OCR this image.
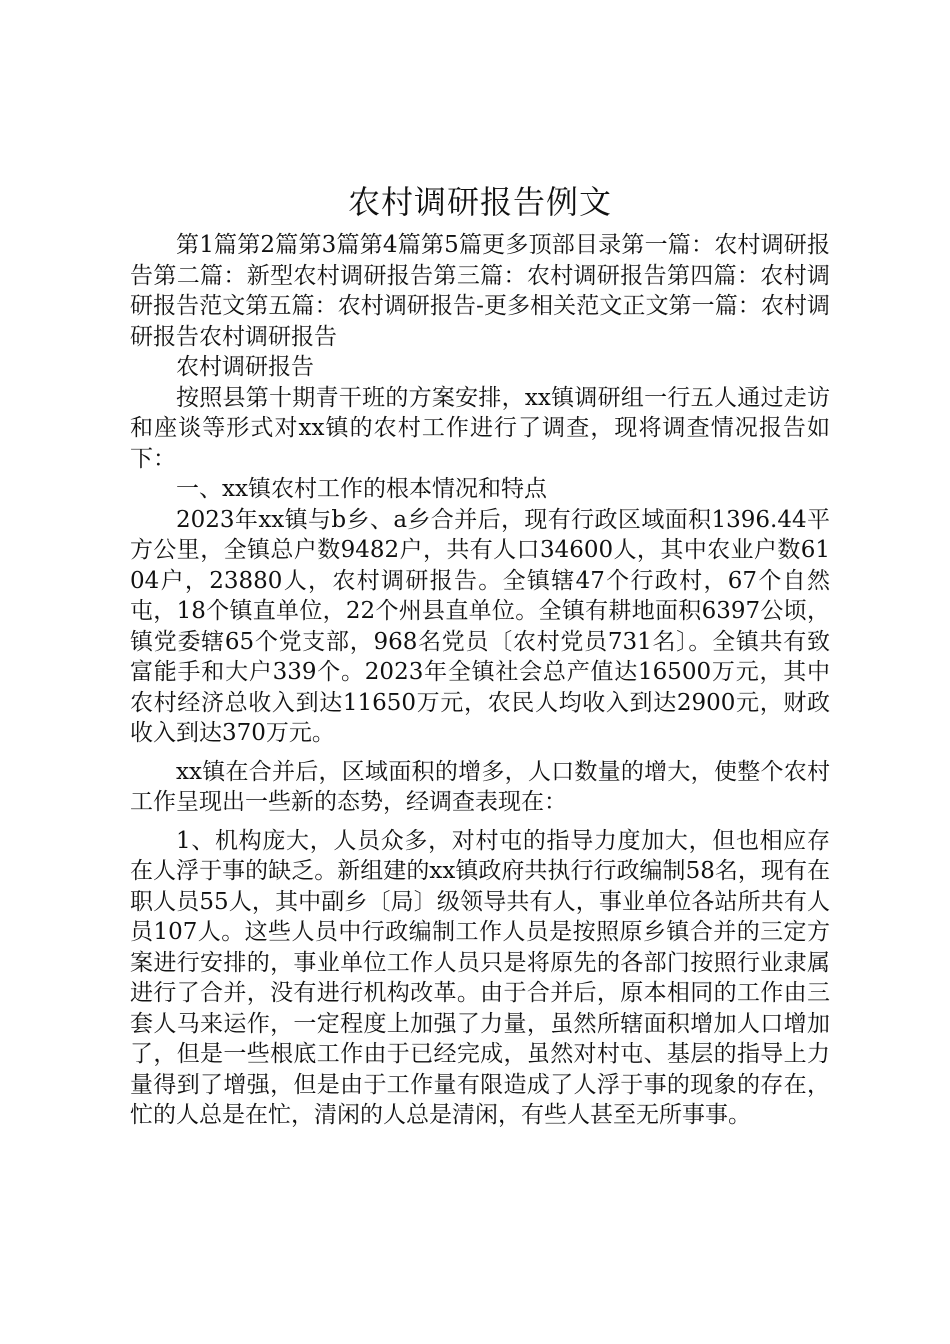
农村调研报告例文

第1篇第2篇第3篇第4篇第5篇更多顶部目录第一篇：农村调研报告第二篇：新型农村调研报告第三篇：农村调研报告第四篇：农村调研报告范文第五篇：农村调研报告-更多相关范文正文第一篇：农村调研报告农村调研报告

农村调研报告

按照县第十期青干班的方案安排，xx镇调研组一行五人通过走访和座谈等形式对xx镇的农村工作进行了调查，现将调查情况报告如下：

一、xx镇农村工作的根本情况和特点

2023年xx镇与b乡、a乡合并后，现有行政区域面积1396.44平方公里，全镇总户数9482户，共有人口34600人，其中农业户数6104户，23880人，农村调研报告。全镇辖47个行政村，67个自然屯，18个镇直单位，22个州县直单位。全镇有耕地面积6397公顷，镇党委辖65个党支部，968名党员〔农村党员731名〕。全镇共有致富能手和大户339个。2023年全镇社会总产值达16500万元，其中农村经济总收入到达11650万元，农民人均收入到达2900元，财政收入到达370万元。

xx镇在合并后，区域面积的增多，人口数量的增大，使整个农村工作呈现出一些新的态势，经调查表现在：

1、机构庞大，人员众多，对村屯的指导力度加大，但也相应存在人浮于事的缺乏。新组建的xx镇政府共执行行政编制58名，现有在职人员55人，其中副乡〔局〕级领导共有人，事业单位各站所共有人员107人。这些人员中行政编制工作人员是按照原乡镇合并的三定方案进行安排的，事业单位工作人员只是将原先的各部门按照行业隶属进行了合并，没有进行机构改革。由于合并后，原本相同的工作由三套人马来运作，一定程度上加强了力量，虽然所辖面积增加人口增加了，但是一些根底工作由于已经完成，虽然对村屯、基层的指导上力量得到了增强，但是由于工作量有限造成了人浮于事的现象的存在，忙的人总是在忙，清闲的人总是清闲，有些人甚至无所事事。
